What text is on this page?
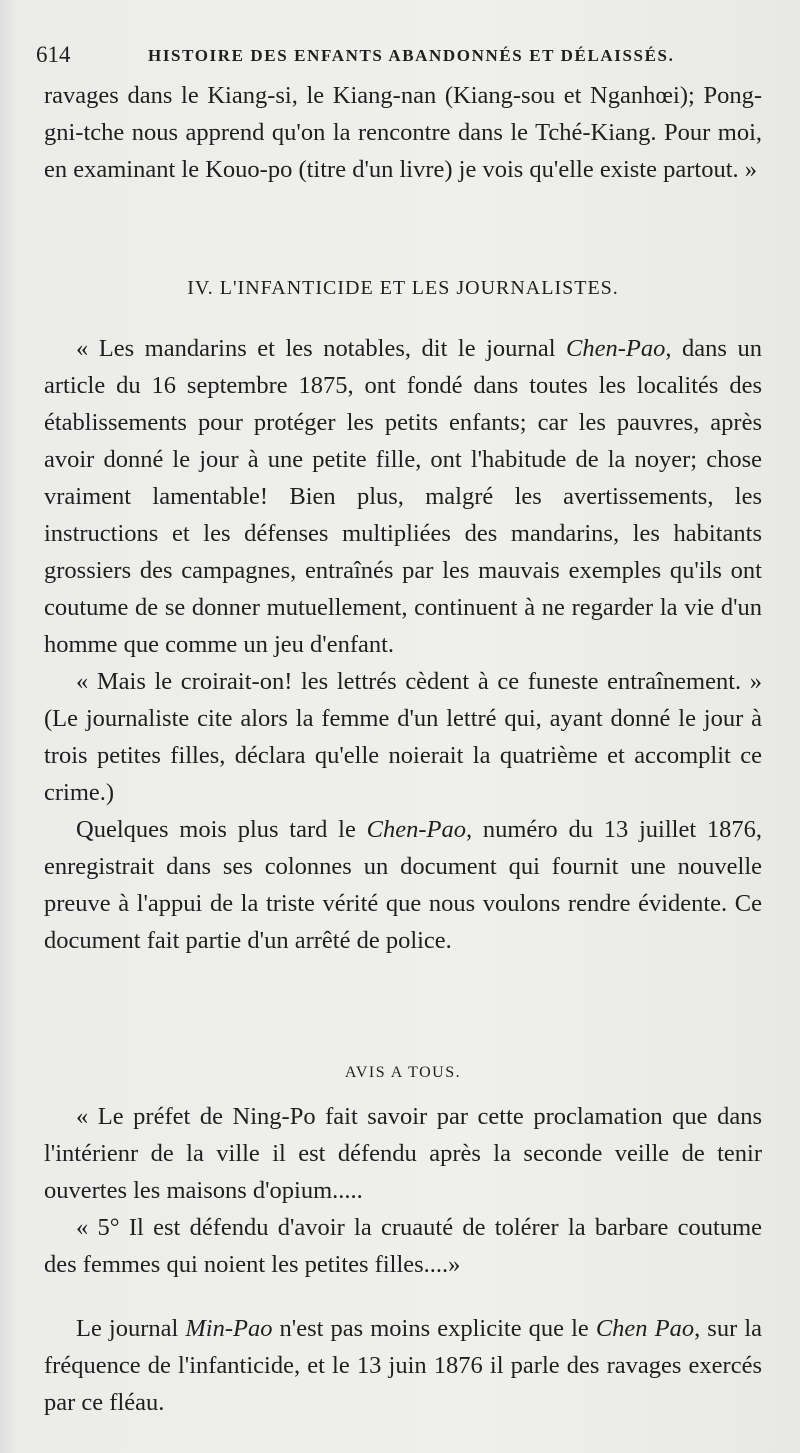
614	HISTOIRE DES ENFANTS ABANDONNÉS ET DÉLAISSÉS.

ravages dans le Kiang-si, le Kiang-nan (Kiang-sou et Nganhœi); Pong-gni-tche nous apprend qu'on la rencontre dans le Tché-Kiang. Pour moi, en examinant le Kouo-po (titre d'un livre) je vois qu'elle existe partout. »

IV. L'INFANTICIDE ET LES JOURNALISTES.

« Les mandarins et les notables, dit le journal Chen-Pao, dans un article du 16 septembre 1875, ont fondé dans toutes les localités des établissements pour protéger les petits enfants; car les pauvres, après avoir donné le jour à une petite fille, ont l'habitude de la noyer; chose vraiment lamentable! Bien plus, malgré les avertissements, les instructions et les défenses multipliées des mandarins, les habitants grossiers des campagnes, entraînés par les mauvais exemples qu'ils ont coutume de se donner mutuellement, continuent à ne regarder la vie d'un homme que comme un jeu d'enfant.

« Mais le croirait-on! les lettrés cèdent à ce funeste entraînement. » (Le journaliste cite alors la femme d'un lettré qui, ayant donné le jour à trois petites filles, déclara qu'elle noierait la quatrième et accomplit ce crime.)

Quelques mois plus tard le Chen-Pao, numéro du 13 juillet 1876, enregistrait dans ses colonnes un document qui fournit une nouvelle preuve à l'appui de la triste vérité que nous voulons rendre évidente. Ce document fait partie d'un arrêté de police.

AVIS A TOUS.

« Le préfet de Ning-Po fait savoir par cette proclamation que dans l'intérienr de la ville il est défendu après la seconde veille de tenir ouvertes les maisons d'opium.....

« 5° Il est défendu d'avoir la cruauté de tolérer la barbare coutume des femmes qui noient les petites filles....»

Le journal Min-Pao n'est pas moins explicite que le Chen Pao, sur la fréquence de l'infanticide, et le 13 juin 1876 il parle des ravages exercés par ce fléau.
